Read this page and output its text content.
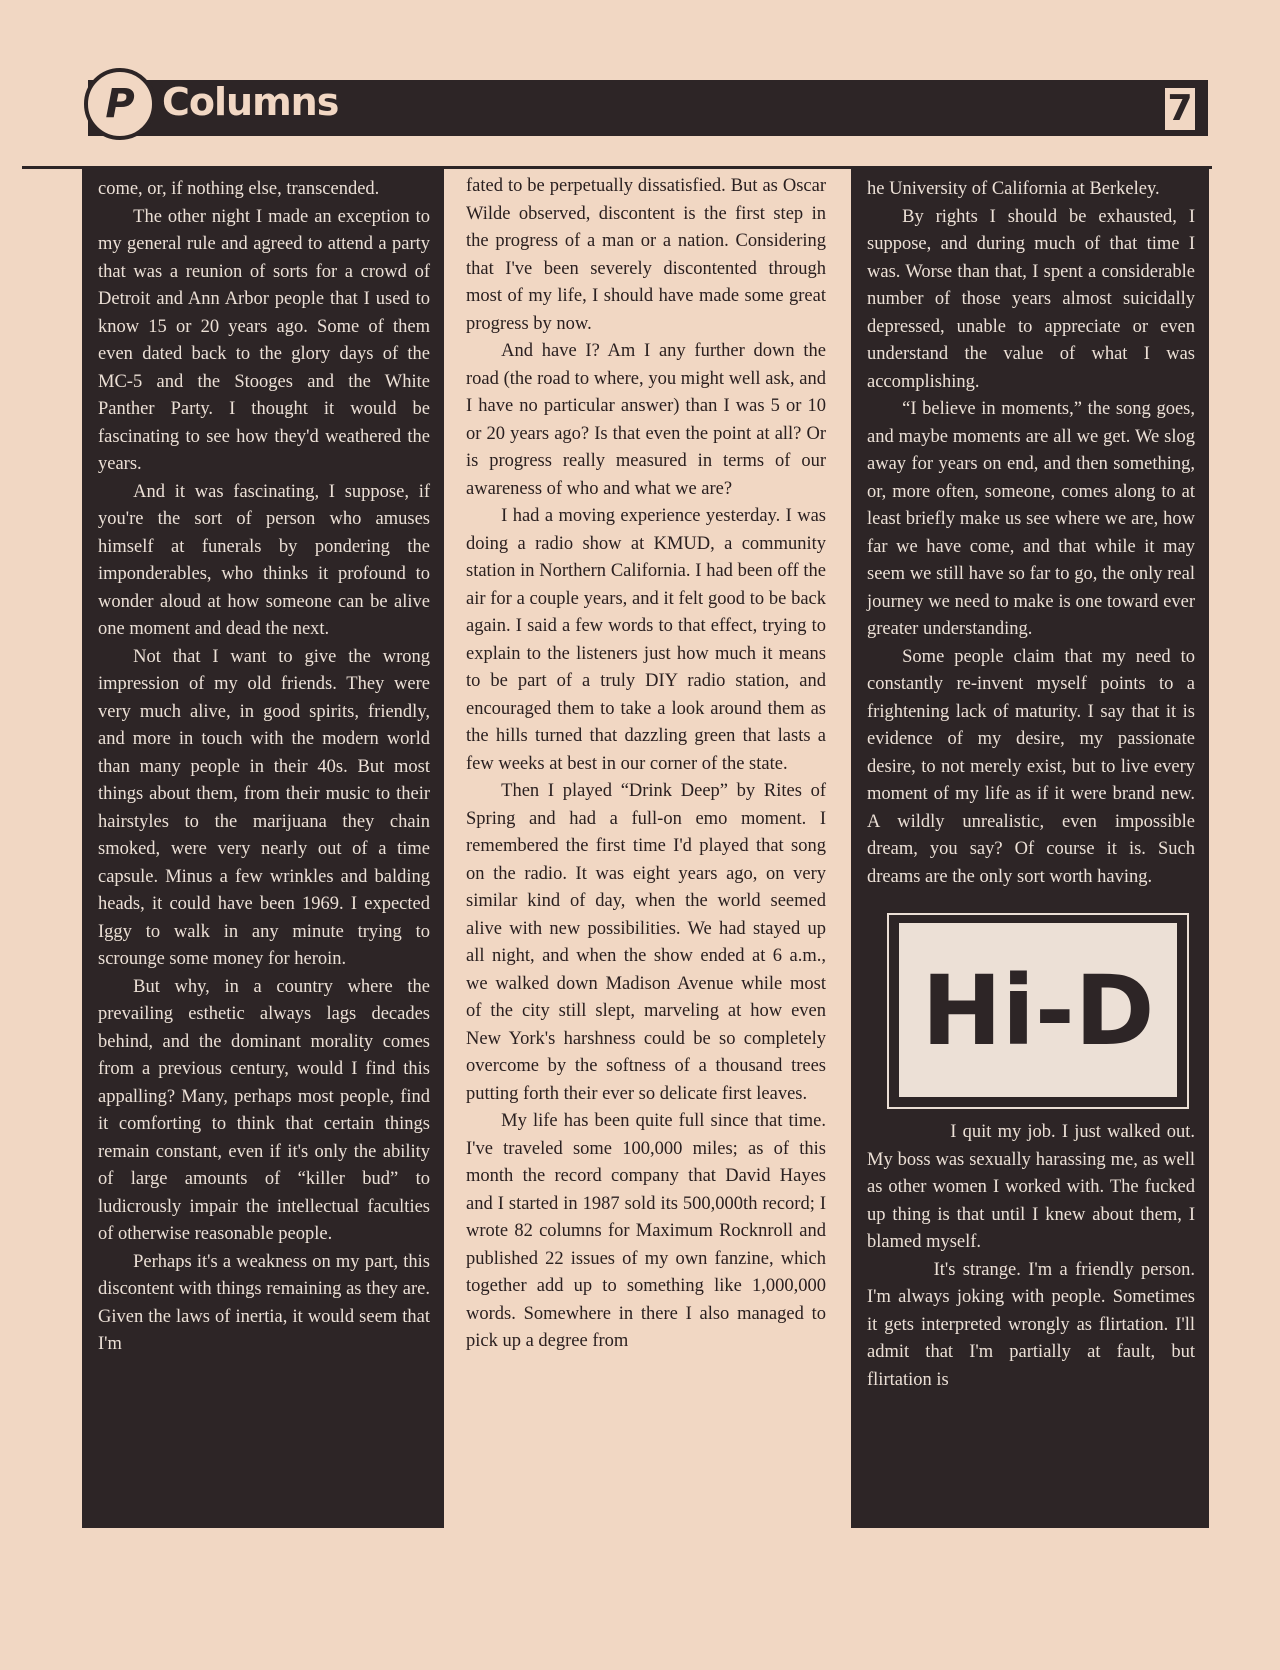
P Columns	7

come, or, if nothing else, transcended.

The other night I made an exception to my general rule and agreed to attend a party that was a reunion of sorts for a crowd of Detroit and Ann Arbor people that I used to know 15 or 20 years ago. Some of them even dated back to the glory days of the MC-5 and the Stooges and the White Panther Party. I thought it would be fascinating to see how they'd weathered the years.

And it was fascinating, I suppose, if you're the sort of person who amuses himself at funerals by pondering the imponderables, who thinks it profound to wonder aloud at how someone can be alive one moment and dead the next.

Not that I want to give the wrong impression of my old friends. They were very much alive, in good spirits, friendly, and more in touch with the modern world than many people in their 40s. But most things about them, from their music to their hairstyles to the marijuana they chain smoked, were very nearly out of a time capsule. Minus a few wrinkles and balding heads, it could have been 1969. I expected Iggy to walk in any minute trying to scrounge some money for heroin.

But why, in a country where the prevailing esthetic always lags decades behind, and the dominant morality comes from a previous century, would I find this appalling? Many, perhaps most people, find it comforting to think that certain things remain constant, even if it's only the ability of large amounts of “killer bud” to ludicrously impair the intellectual faculties of otherwise reasonable people.

Perhaps it's a weakness on my part, this discontent with things remaining as they are. Given the laws of inertia, it would seem that I'm

fated to be perpetually dissatisfied. But as Oscar Wilde observed, discontent is the first step in the progress of a man or a nation. Considering that I've been severely discontented through most of my life, I should have made some great progress by now.

And have I? Am I any further down the road (the road to where, you might well ask, and I have no particular answer) than I was 5 or 10 or 20 years ago? Is that even the point at all? Or is progress really measured in terms of our awareness of who and what we are?

I had a moving experience yesterday. I was doing a radio show at KMUD, a community station in Northern California. I had been off the air for a couple years, and it felt good to be back again. I said a few words to that effect, trying to explain to the listeners just how much it means to be part of a truly DIY radio station, and encouraged them to take a look around them as the hills turned that dazzling green that lasts a few weeks at best in our corner of the state.

Then I played “Drink Deep” by Rites of Spring and had a full-on emo moment. I remembered the first time I'd played that song on the radio. It was eight years ago, on very similar kind of day, when the world seemed alive with new possibilities. We had stayed up all night, and when the show ended at 6 a.m., we walked down Madison Avenue while most of the city still slept, marveling at how even New York's harshness could be so completely overcome by the softness of a thousand trees putting forth their ever so delicate first leaves.

My life has been quite full since that time. I've traveled some 100,000 miles; as of this month the record company that David Hayes and I started in 1987 sold its 500,000th record; I wrote 82 columns for Maximum Rocknroll and published 22 issues of my own fanzine, which together add up to something like 1,000,000 words. Somewhere in there I also managed to pick up a degree from

he University of California at Berkeley.

By rights I should be exhausted, I suppose, and during much of that time I was. Worse than that, I spent a considerable number of those years almost suicidally depressed, unable to appreciate or even understand the value of what I was accomplishing.

“I believe in moments,” the song goes, and maybe moments are all we get. We slog away for years on end, and then something, or, more often, someone, comes along to at least briefly make us see where we are, how far we have come, and that while it may seem we still have so far to go, the only real journey we need to make is one toward ever greater understanding.

Some people claim that my need to constantly re-invent myself points to a frightening lack of maturity. I say that it is evidence of my desire, my passionate desire, to not merely exist, but to live every moment of my life as if it were brand new. A wildly unrealistic, even impossible dream, you say? Of course it is. Such dreams are the only sort worth having.

Hi-D

I quit my job. I just walked out. My boss was sexually harassing me, as well as other women I worked with. The fucked up thing is that until I knew about them, I blamed myself.

It's strange. I'm a friendly person. I'm always joking with people. Sometimes it gets interpreted wrongly as flirtation. I'll admit that I'm partially at fault, but flirtation is
